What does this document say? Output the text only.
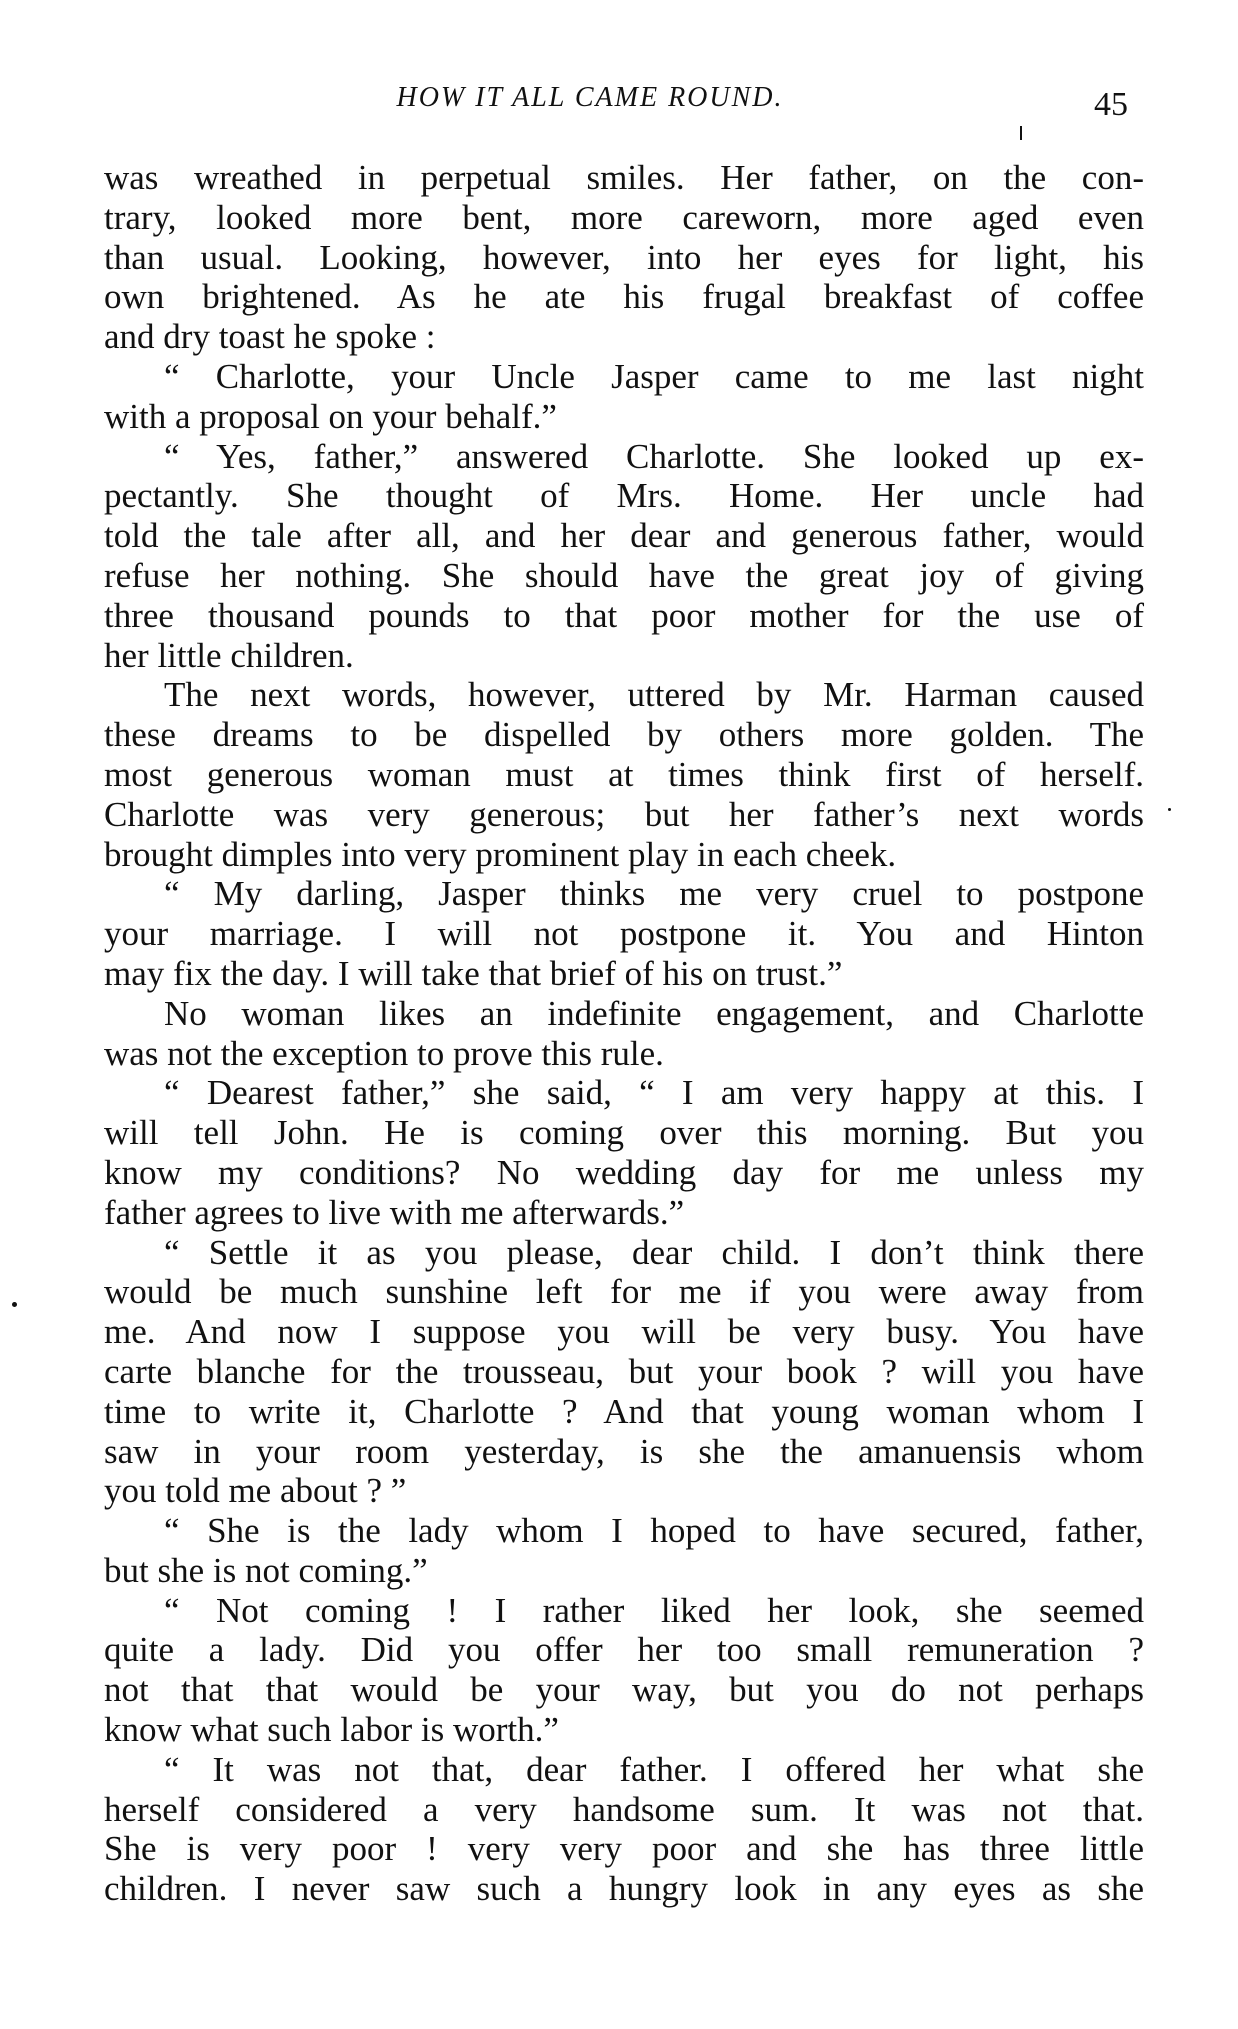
HOW IT ALL CAME ROUND.	45
was wreathed in perpetual smiles. Her father, on the con-
trary, looked more bent, more careworn, more aged even
than usual. Looking, however, into her eyes for light, his
own brightened. As he ate his frugal breakfast of coffee
and dry toast he spoke :
“ Charlotte, your Uncle Jasper came to me last night
with a proposal on your behalf.”
“ Yes, father,” answered Charlotte. She looked up ex-
pectantly. She thought of Mrs. Home. Her uncle had
told the tale after all, and her dear and generous father, would
refuse her nothing. She should have the great joy of giving
three thousand pounds to that poor mother for the use of
her little children.
The next words, however, uttered by Mr. Harman caused
these dreams to be dispelled by others more golden. The
most generous woman must at times think first of herself.
Charlotte was very generous; but her father’s next words
brought dimples into very prominent play in each cheek.
“ My darling, Jasper thinks me very cruel to postpone
your marriage. I will not postpone it. You and Hinton
may fix the day. I will take that brief of his on trust.”
No woman likes an indefinite engagement, and Charlotte
was not the exception to prove this rule.
“ Dearest father,” she said, “ I am very happy at this. I
will tell John. He is coming over this morning. But you
know my conditions? No wedding day for me unless my
father agrees to live with me afterwards.”
“ Settle it as you please, dear child. I don’t think there
would be much sunshine left for me if you were away from
me. And now I suppose you will be very busy. You have
carte blanche for the trousseau, but your book ? will you have
time to write it, Charlotte ? And that young woman whom I
saw in your room yesterday, is she the amanuensis whom
you told me about ? ”
“ She is the lady whom I hoped to have secured, father,
but she is not coming.”
“ Not coming ! I rather liked her look, she seemed
quite a lady. Did you offer her too small remuneration ?
not that that would be your way, but you do not perhaps
know what such labor is worth.”
“ It was not that, dear father. I offered her what she
herself considered a very handsome sum. It was not that.
She is very poor ! very very poor and she has three little
children. I never saw such a hungry look in any eyes as she
